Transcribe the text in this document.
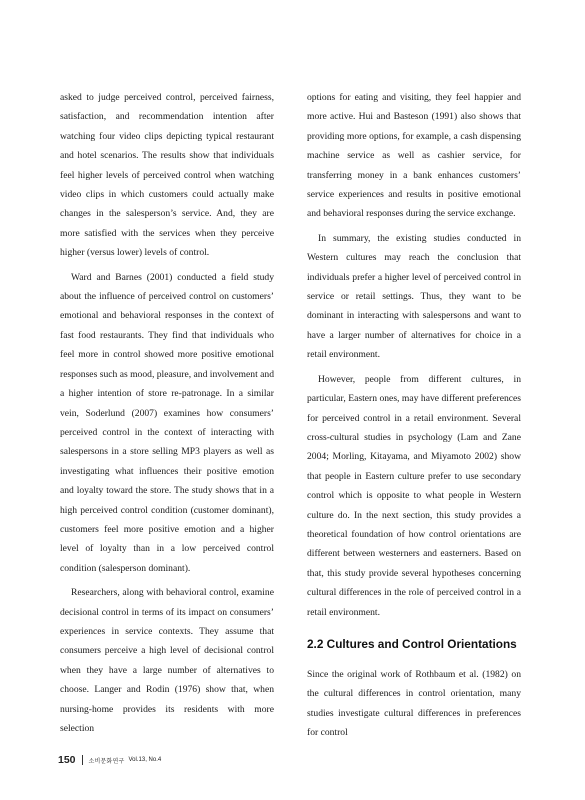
asked to judge perceived control, perceived fairness, satisfaction, and recommendation intention after watching four video clips depicting typical restaurant and hotel scenarios. The results show that individuals feel higher levels of perceived control when watching video clips in which customers could actually make changes in the salesperson’s service. And, they are more satisfied with the services when they perceive higher (versus lower) levels of control.

Ward and Barnes (2001) conducted a field study about the influence of perceived control on customers’ emotional and behavioral responses in the context of fast food restaurants. They find that individuals who feel more in control showed more positive emotional responses such as mood, pleasure, and involvement and a higher intention of store re-patronage. In a similar vein, Soderlund (2007) examines how consumers’ perceived control in the context of interacting with salespersons in a store selling MP3 players as well as investigating what influences their positive emotion and loyalty toward the store. The study shows that in a high perceived control condition (customer dominant), customers feel more positive emotion and a higher level of loyalty than in a low perceived control condition (salesperson dominant).

Researchers, along with behavioral control, examine decisional control in terms of its impact on consumers’ experiences in service contexts. They assume that consumers perceive a high level of decisional control when they have a large number of alternatives to choose. Langer and Rodin (1976) show that, when nursing-home provides its residents with more selection

options for eating and visiting, they feel happier and more active. Hui and Basteson (1991) also shows that providing more options, for example, a cash dispensing machine service as well as cashier service, for transferring money in a bank enhances customers’ service experiences and results in positive emotional and behavioral responses during the service exchange.

In summary, the existing studies conducted in Western cultures may reach the conclusion that individuals prefer a higher level of perceived control in service or retail settings. Thus, they want to be dominant in interacting with salespersons and want to have a larger number of alternatives for choice in a retail environment.

However, people from different cultures, in particular, Eastern ones, may have different preferences for perceived control in a retail environment. Several cross-cultural studies in psychology (Lam and Zane 2004; Morling, Kitayama, and Miyamoto 2002) show that people in Eastern culture prefer to use secondary control which is opposite to what people in Western culture do. In the next section, this study provides a theoretical foundation of how control orientations are different between westerners and easterners. Based on that, this study provide several hypotheses concerning cultural differences in the role of perceived control in a retail environment.

2.2 Cultures and Control Orientations

Since the original work of Rothbaum et al. (1982) on the cultural differences in control orientation, many studies investigate cultural differences in preferences for control

150 소비문화연구 Vol.13, No.4
